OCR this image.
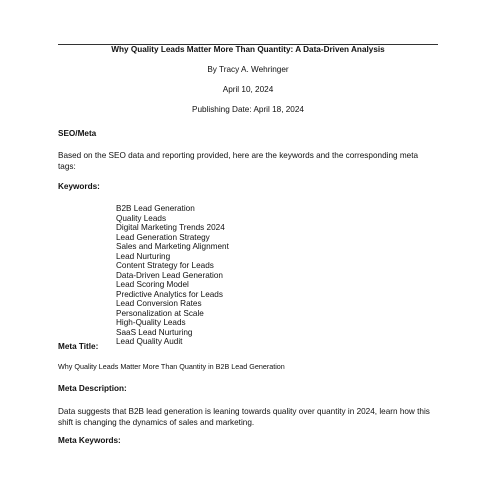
Why Quality Leads Matter More Than Quantity: A Data-Driven Analysis
By Tracy A. Wehringer
April 10, 2024
Publishing Date: April 18, 2024
SEO/Meta
Based on the SEO data and reporting provided, here are the keywords and the corresponding meta tags:
Keywords:
B2B Lead Generation
Quality Leads
Digital Marketing Trends 2024
Lead Generation Strategy
Sales and Marketing Alignment
Lead Nurturing
Content Strategy for Leads
Data-Driven Lead Generation
Lead Scoring Model
Predictive Analytics for Leads
Lead Conversion Rates
Personalization at Scale
High-Quality Leads
SaaS Lead Nurturing
Lead Quality Audit
Meta Title:
Why Quality Leads Matter More Than Quantity in B2B Lead Generation
Meta Description:
Data suggests that B2B lead generation is leaning towards quality over quantity in 2024, learn how this shift is changing the dynamics of sales and marketing.
Meta Keywords:
